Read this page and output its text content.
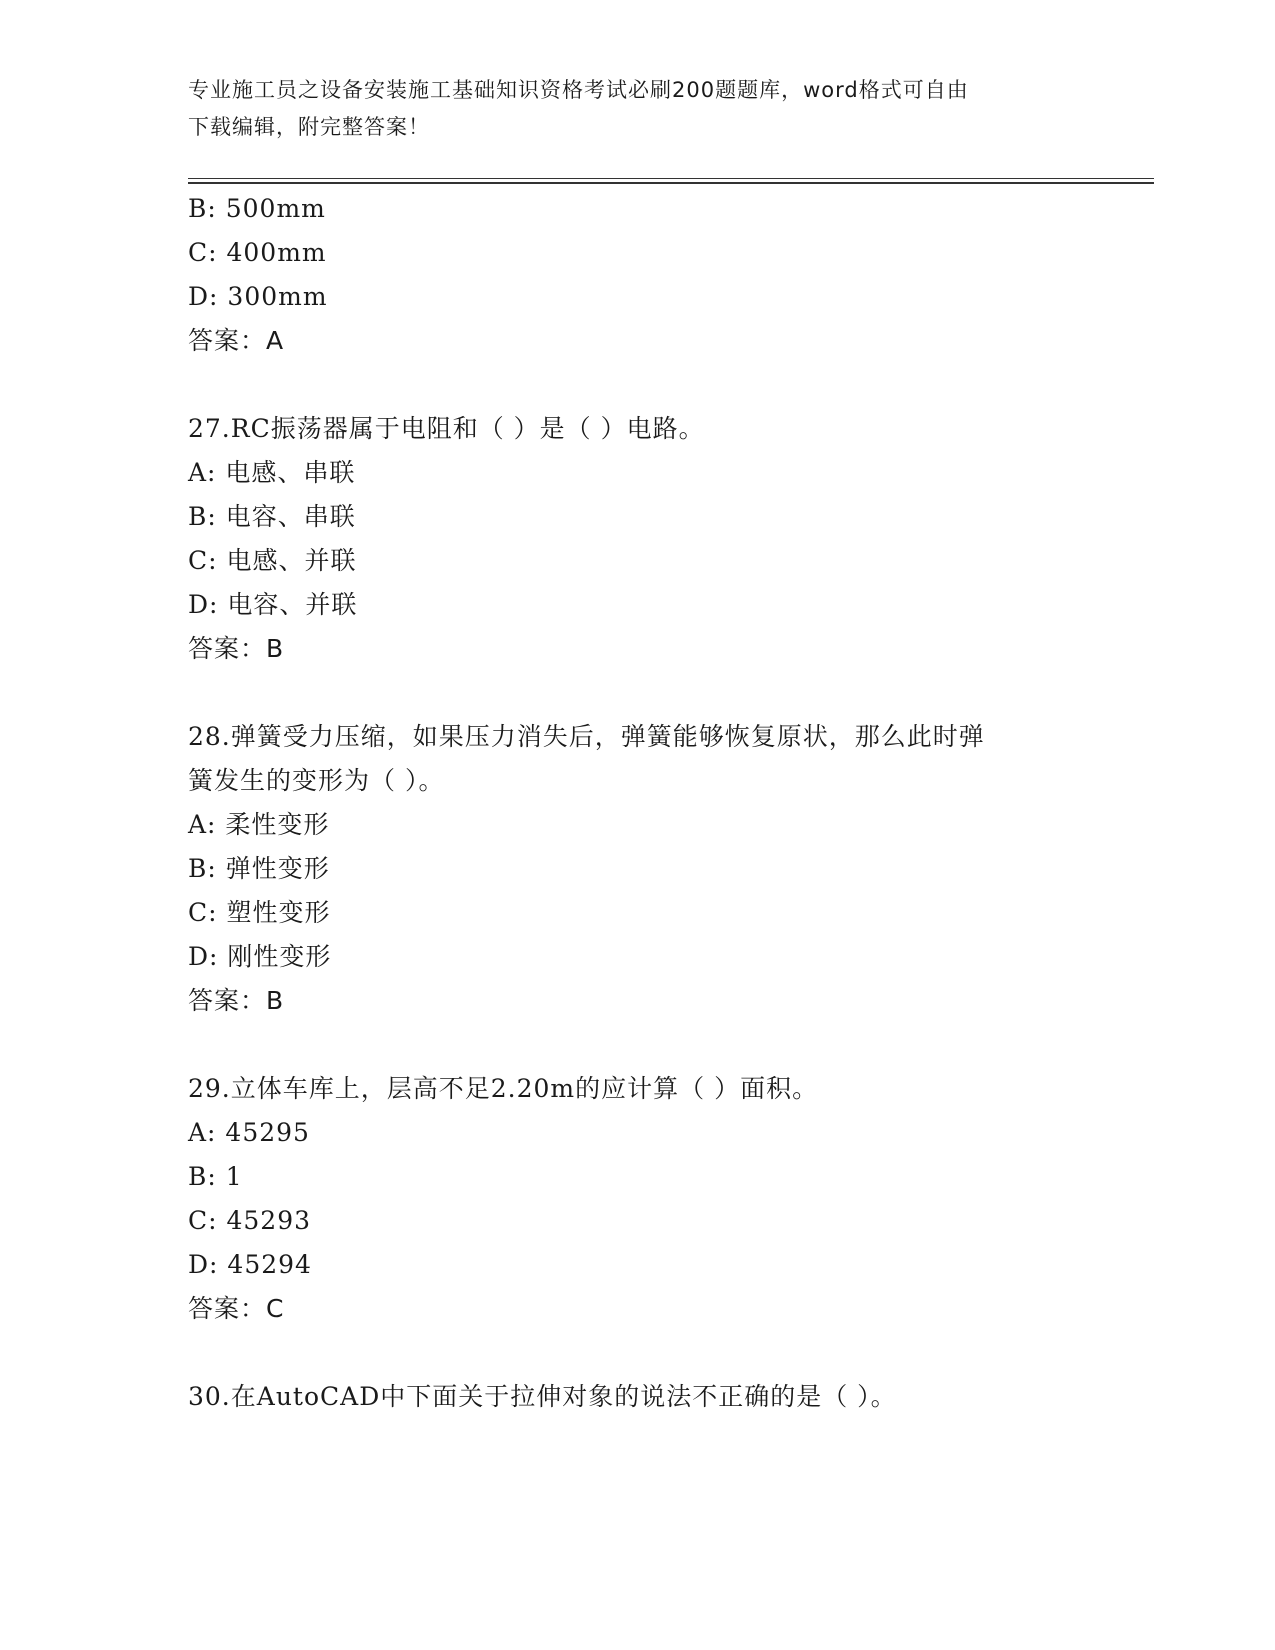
专业施工员之设备安装施工基础知识资格考试必刷200题题库，word格式可自由
下载编辑，附完整答案！
B: 500mm
C: 400mm
D: 300mm
答案：A
27.RC振荡器属于电阻和（ ）是（ ）电路。
A: 电感、串联
B: 电容、串联
C: 电感、并联
D: 电容、并联
答案：B
28.弹簧受力压缩，如果压力消失后，弹簧能够恢复原状，那么此时弹
簧发生的变形为（ ）。
A: 柔性变形
B: 弹性变形
C: 塑性变形
D: 刚性变形
答案：B
29.立体车库上，层高不足2.20m的应计算（ ）面积。
A: 45295
B: 1
C: 45293
D: 45294
答案：C
30.在AutoCAD中下面关于拉伸对象的说法不正确的是（ ）。
